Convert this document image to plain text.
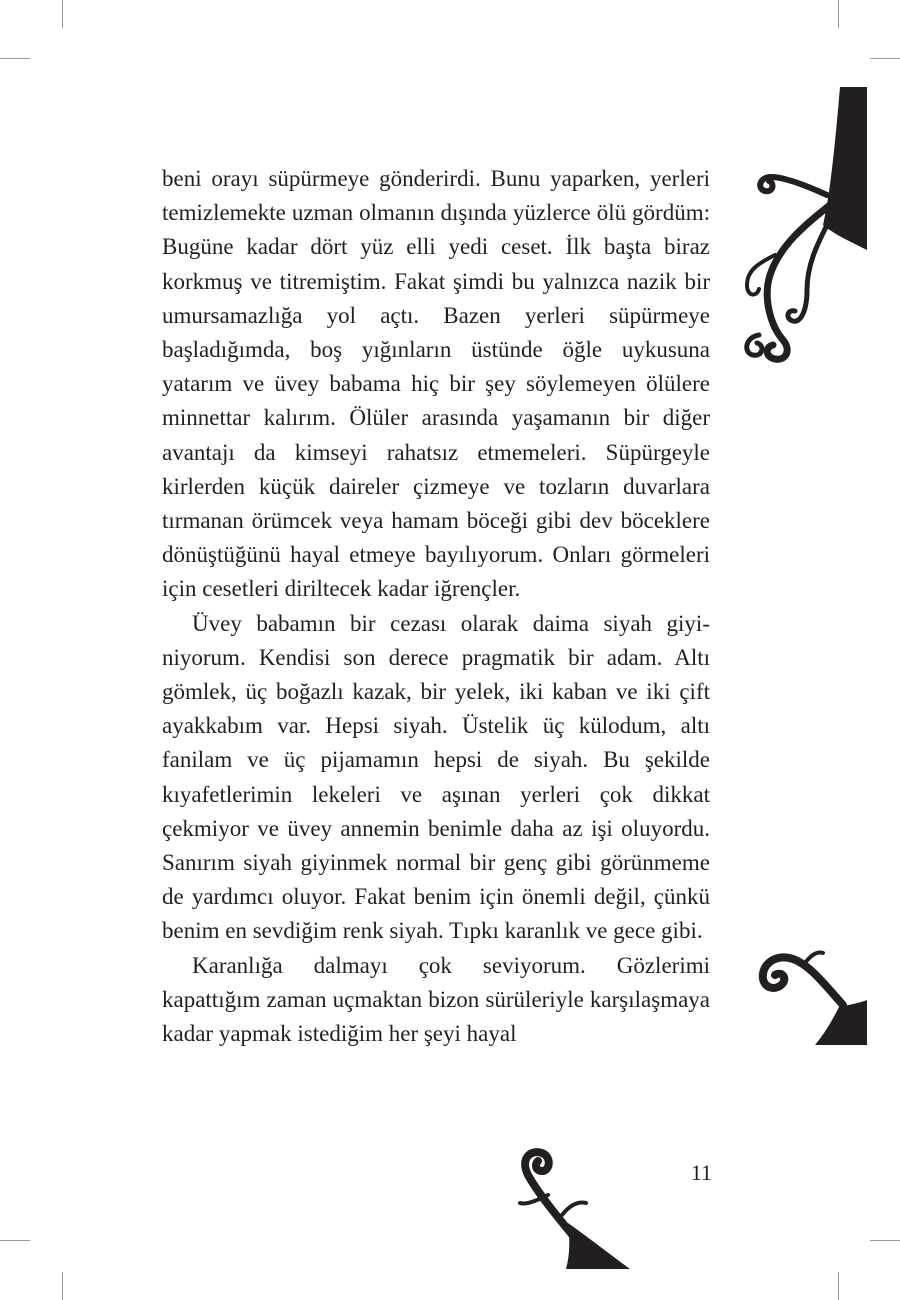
beni orayı süpürmeye gönderirdi. Bunu yaparken, yerleri temizlemekte uzman olmanın dışında yüzlerce ölü gördüm: Bugüne kadar dört yüz elli yedi ceset. İlk başta biraz korkmuş ve titremiştim. Fakat şimdi bu yalnızca nazik bir umursamazlığa yol açtı. Bazen yerleri süpürmeye başladığımda, boş yığınların üstünde öğle uykusuna yatarım ve üvey babama hiç bir şey söylemeyen ölülere minnettar kalırım. Ölüler arasında yaşamanın bir diğer avantajı da kimseyi rahatsız etmemeleri. Süpürgeyle kirlerden küçük daireler çizmeye ve tozların duvarlara tırmanan örümcek veya hamam böceği gibi dev böceklere dönüştüğünü hayal etmeye bayılıyorum. Onları görmeleri için cesetleri diriltecek kadar iğrençler.

Üvey babamın bir cezası olarak daima siyah giyiniyorum. Kendisi son derece pragmatik bir adam. Altı gömlek, üç boğazlı kazak, bir yelek, iki kaban ve iki çift ayakkabım var. Hepsi siyah. Üstelik üç külodum, altı fanilam ve üç pijamamın hepsi de siyah. Bu şekilde kıyafetlerimin lekeleri ve aşınan yerleri çok dikkat çekmiyor ve üvey annemin benimle daha az işi oluyordu. Sanırım siyah giyinmek normal bir genç gibi görünmeme de yardımcı oluyor. Fakat benim için önemli değil, çünkü benim en sevdiğim renk siyah. Tıpkı karanlık ve gece gibi.

Karanlığa dalmayı çok seviyorum. Gözlerimi kapattığım zaman uçmaktan bizon sürüleriyle karşılaşmaya kadar yapmak istediğim her şeyi hayal

11
